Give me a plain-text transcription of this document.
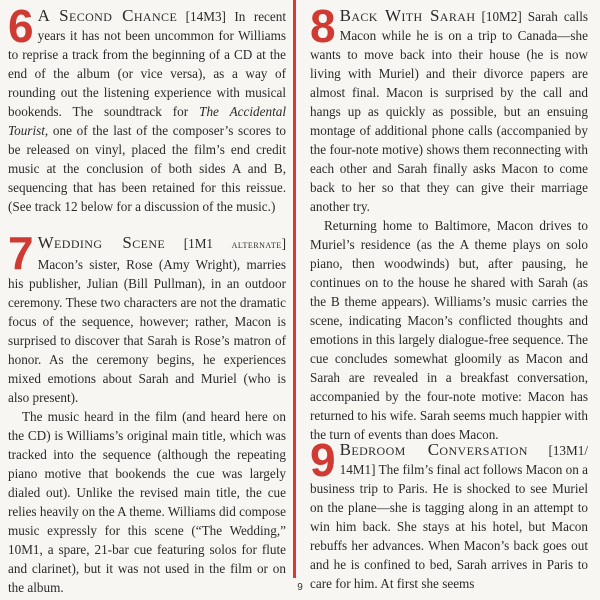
6 A Second Chance [14M3] In recent years it has not been uncommon for Williams to reprise a track from the beginning of a CD at the end of the album (or vice versa), as a way of rounding out the listening experience with musical bookends. The soundtrack for The Accidental Tourist, one of the last of the composer’s scores to be released on vinyl, placed the film’s end credit music at the conclusion of both sides A and B, sequencing that has been retained for this reissue. (See track 12 below for a discussion of the music.)

7 Wedding Scene [1M1 alternate] Macon’s sister, Rose (Amy Wright), marries his publisher, Julian (Bill Pullman), in an outdoor ceremony. These two characters are not the dramatic focus of the sequence, however; rather, Macon is surprised to discover that Sarah is Rose’s matron of honor. As the ceremony begins, he experiences mixed emotions about Sarah and Muriel (who is also present).

The music heard in the film (and heard here on the CD) is Williams’s original main title, which was tracked into the sequence (although the repeating piano motive that bookends the cue was largely dialed out). Unlike the revised main title, the cue relies heavily on the A theme. Williams did compose music expressly for this scene (“The Wedding,” 10M1, a spare, 21-bar cue featuring solos for flute and clarinet), but it was not used in the film or on the album.

8 Back With Sarah [10M2] Sarah calls Macon while he is on a trip to Canada—she wants to move back into their house (he is now living with Muriel) and their divorce papers are almost final. Macon is surprised by the call and hangs up as quickly as possible, but an ensuing montage of additional phone calls (accompanied by the four-note motive) shows them reconnecting with each other and Sarah finally asks Macon to come back to her so that they can give their marriage another try.

Returning home to Baltimore, Macon drives to Muriel’s residence (as the A theme plays on solo piano, then woodwinds) but, after pausing, he continues on to the house he shared with Sarah (as the B theme appears). Williams’s music carries the scene, indicating Macon’s conflicted thoughts and emotions in this largely dialogue-free sequence. The cue concludes somewhat gloomily as Macon and Sarah are revealed in a breakfast conversation, accompanied by the four-note motive: Macon has returned to his wife. Sarah seems much happier with the turn of events than does Macon.

9 Bedroom Conversation [13M1/ 14M1] The film’s final act follows Macon on a business trip to Paris. He is shocked to see Muriel on the plane—she is tagging along in an attempt to win him back. She stays at his hotel, but Macon rebuffs her advances. When Macon’s back goes out and he is confined to bed, Sarah arrives in Paris to care for him. At first she seems

9
